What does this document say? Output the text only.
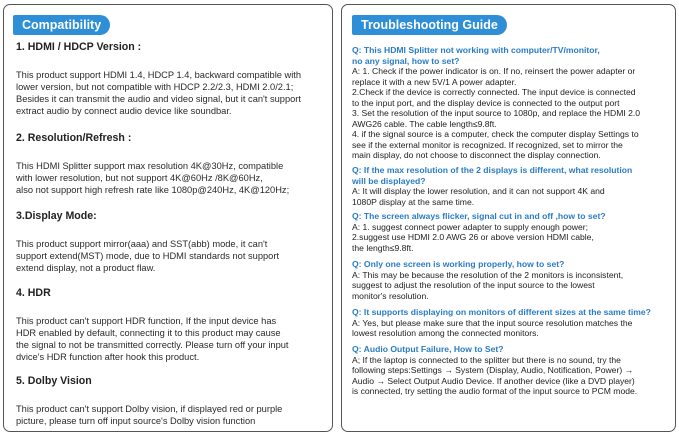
Compatibility
1. HDMI / HDCP Version :
This product support HDMI 1.4, HDCP 1.4, backward compatible with
lower version, but not compatible with HDCP 2.2/2.3, HDMI 2.0/2.1;
Besides it can transmit the audio and video signal, but it can't support
extract audio by connect audio device like soundbar.
2. Resolution/Refresh :
This HDMI Splitter support max resolution 4K@30Hz, compatible
with lower resolution, but not support 4K@60Hz /8K@60Hz,
also not support high refresh rate like 1080p@240Hz, 4K@120Hz;
3.Display Mode:
This product support mirror(aaa) and SST(abb) mode, it can't
support extend(MST) mode, due to HDMI standards not support
extend display, not a product flaw.
4. HDR
This product can't support HDR function, If the input device has
HDR enabled by default, connecting it to this product may cause
the signal to not be transmitted correctly. Please turn off your input
dvice's HDR function after hook this product.
5. Dolby Vision
This product can't support Dolby vision, if displayed red or purple
picture, please turn off input source's Dolby vision function
Troubleshooting Guide
Q: This HDMI Splitter not working with computer/TV/monitor,
no any signal, how to set?
A: 1. Check if the power indicator is on. If no, reinsert the power adapter or
replace it with a new 5V/1 A power adapter.
2.Check if the device is correctly connected. The input device is connected
to the input port, and the display device is connected to the output port
3. Set the resolution of the input source to 1080p, and replace the HDMI 2.0
AWG26 cable. The cable length≤9.8ft.
4. if the signal source is a computer, check the computer display Settings to
see if the external monitor is recognized. If recognized, set to mirror the
main display, do not choose to disconnect the display connection.
Q: If the max resolution of the 2 displays is different, what resolution
will be displayed?
A: It will display the lower resolution, and it can not support 4K and
1080P display at the same time.
Q: The screen always flicker, signal cut in and off ,how to set?
A: 1. suggest connect power adapter to supply enough power;
2.suggest use HDMI 2.0 AWG 26 or above version HDMI cable,
the length≤9.8ft.
Q: Only one screen is working properly, how to set?
A: This may be because the resolution of the 2 monitors is inconsistent,
suggest to adjust the resolution of the input source to the lowest
monitor's resolution.
Q: It supports displaying on monitors of different sizes at the same time?
A: Yes, but please make sure that the input source resolution matches the
lowest resolution among the connected monitors.
Q: Audio Output Failure, How to Set?
A; If the laptop is connected to the splitter but there is no sound, try the
following steps:Settings → System (Display, Audio, Notification, Power) →
Audio → Select Output Audio Device. If another device (like a DVD player)
is connected, try setting the audio format of the input source to PCM mode.
